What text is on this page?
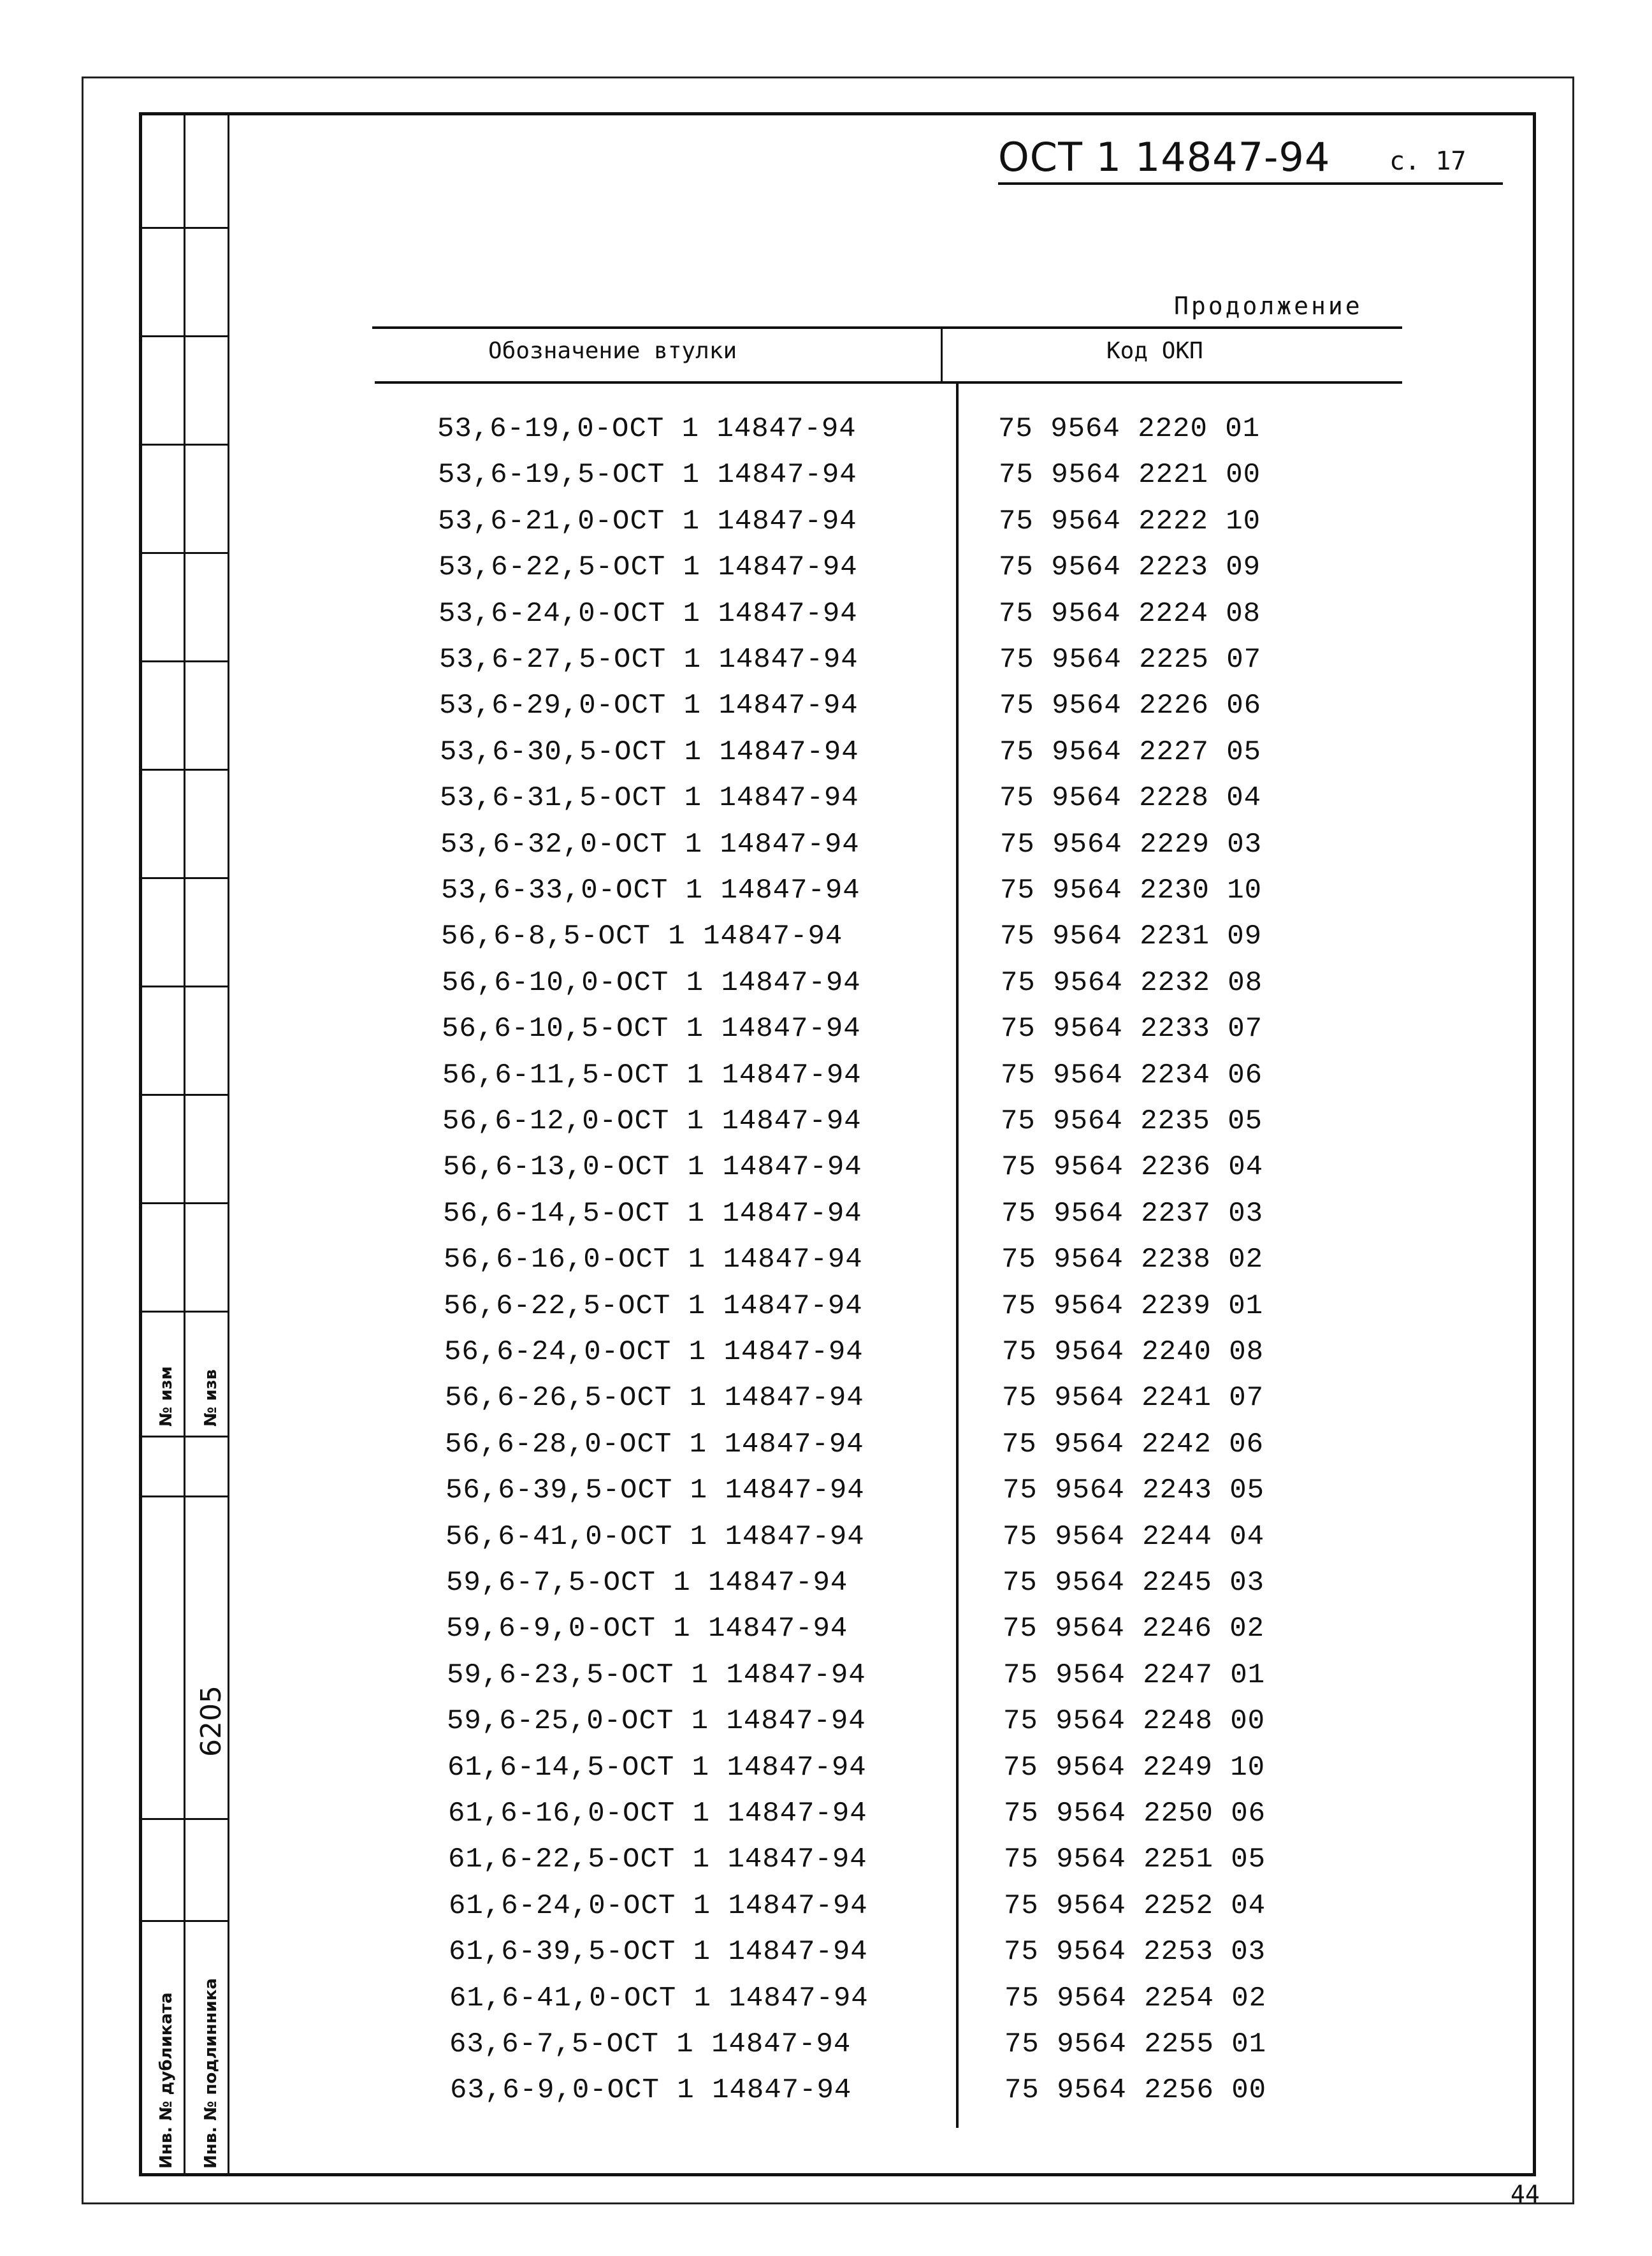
№ изм № изв
6205
Инв. № дубликата Инв. № подлинника
ОСТ 1 14847-94 с. 17
Продолжение
Обозначение втулки	Код ОКП
44
53,6-19,0-ОСТ 1 14847-94	75 9564 2220 01
53,6-19,5-ОСТ 1 14847-94	75 9564 2221 00
53,6-21,0-ОСТ 1 14847-94	75 9564 2222 10
53,6-22,5-ОСТ 1 14847-94	75 9564 2223 09
53,6-24,0-ОСТ 1 14847-94	75 9564 2224 08
53,6-27,5-ОСТ 1 14847-94	75 9564 2225 07
53,6-29,0-ОСТ 1 14847-94	75 9564 2226 06
53,6-30,5-ОСТ 1 14847-94	75 9564 2227 05
53,6-31,5-ОСТ 1 14847-94	75 9564 2228 04
53,6-32,0-ОСТ 1 14847-94	75 9564 2229 03
53,6-33,0-ОСТ 1 14847-94	75 9564 2230 10
56,6-8,5-ОСТ 1 14847-94	75 9564 2231 09
56,6-10,0-ОСТ 1 14847-94	75 9564 2232 08
56,6-10,5-ОСТ 1 14847-94	75 9564 2233 07
56,6-11,5-ОСТ 1 14847-94	75 9564 2234 06
56,6-12,0-ОСТ 1 14847-94	75 9564 2235 05
56,6-13,0-ОСТ 1 14847-94	75 9564 2236 04
56,6-14,5-ОСТ 1 14847-94	75 9564 2237 03
56,6-16,0-ОСТ 1 14847-94	75 9564 2238 02
56,6-22,5-ОСТ 1 14847-94	75 9564 2239 01
56,6-24,0-ОСТ 1 14847-94	75 9564 2240 08
56,6-26,5-ОСТ 1 14847-94	75 9564 2241 07
56,6-28,0-ОСТ 1 14847-94	75 9564 2242 06
56,6-39,5-ОСТ 1 14847-94	75 9564 2243 05
56,6-41,0-ОСТ 1 14847-94	75 9564 2244 04
59,6-7,5-ОСТ 1 14847-94	75 9564 2245 03
59,6-9,0-ОСТ 1 14847-94	75 9564 2246 02
59,6-23,5-ОСТ 1 14847-94	75 9564 2247 01
59,6-25,0-ОСТ 1 14847-94	75 9564 2248 00
61,6-14,5-ОСТ 1 14847-94	75 9564 2249 10
61,6-16,0-ОСТ 1 14847-94	75 9564 2250 06
61,6-22,5-ОСТ 1 14847-94	75 9564 2251 05
61,6-24,0-ОСТ 1 14847-94	75 9564 2252 04
61,6-39,5-ОСТ 1 14847-94	75 9564 2253 03
61,6-41,0-ОСТ 1 14847-94	75 9564 2254 02
63,6-7,5-ОСТ 1 14847-94	75 9564 2255 01
63,6-9,0-ОСТ 1 14847-94	75 9564 2256 00
